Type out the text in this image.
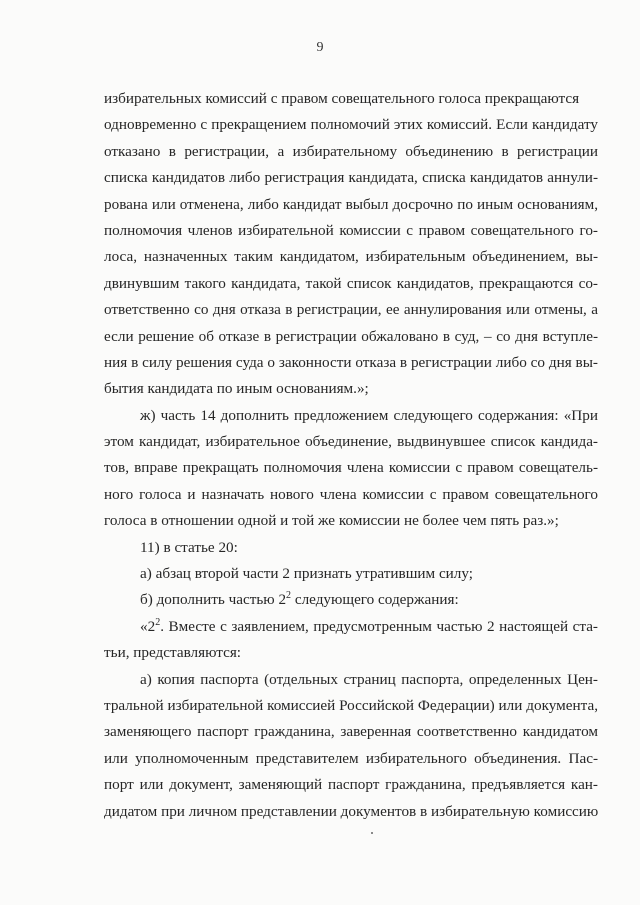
9
избирательных комиссий с правом совещательного голоса прекращаются
одновременно с прекращением полномочий этих комиссий. Если кандидату
отказано в регистрации, а избирательному объединению в регистрации
списка кандидатов либо регистрация кандидата, списка кандидатов аннули-
рована или отменена, либо кандидат выбыл досрочно по иным основаниям,
полномочия членов избирательной комиссии с правом совещательного го-
лоса, назначенных таким кандидатом, избирательным объединением, вы-
двинувшим такого кандидата, такой список кандидатов, прекращаются со-
ответственно со дня отказа в регистрации, ее аннулирования или отмены, а
если решение об отказе в регистрации обжаловано в суд, – со дня вступле-
ния в силу решения суда о законности отказа в регистрации либо со дня вы-
бытия кандидата по иным основаниям.»;
ж) часть 14 дополнить предложением следующего содержания: «При
этом кандидат, избирательное объединение, выдвинувшее список кандида-
тов, вправе прекращать полномочия члена комиссии с правом совещатель-
ного голоса и назначать нового члена комиссии с правом совещательного
голоса в отношении одной и той же комиссии не более чем пять раз.»;
11) в статье 20:
а) абзац второй части 2 признать утратившим силу;
б) дополнить частью $2^2$ следующего содержания:
«$2^2$. Вместе с заявлением, предусмотренным частью 2 настоящей ста-
тьи, представляются:
а) копия паспорта (отдельных страниц паспорта, определенных Цен-
тральной избирательной комиссией Российской Федерации) или документа,
заменяющего паспорт гражданина, заверенная соответственно кандидатом
или уполномоченным представителем избирательного объединения. Пас-
порт или документ, заменяющий паспорт гражданина, предъявляется кан-
дидатом при личном представлении документов в избирательную комиссию
